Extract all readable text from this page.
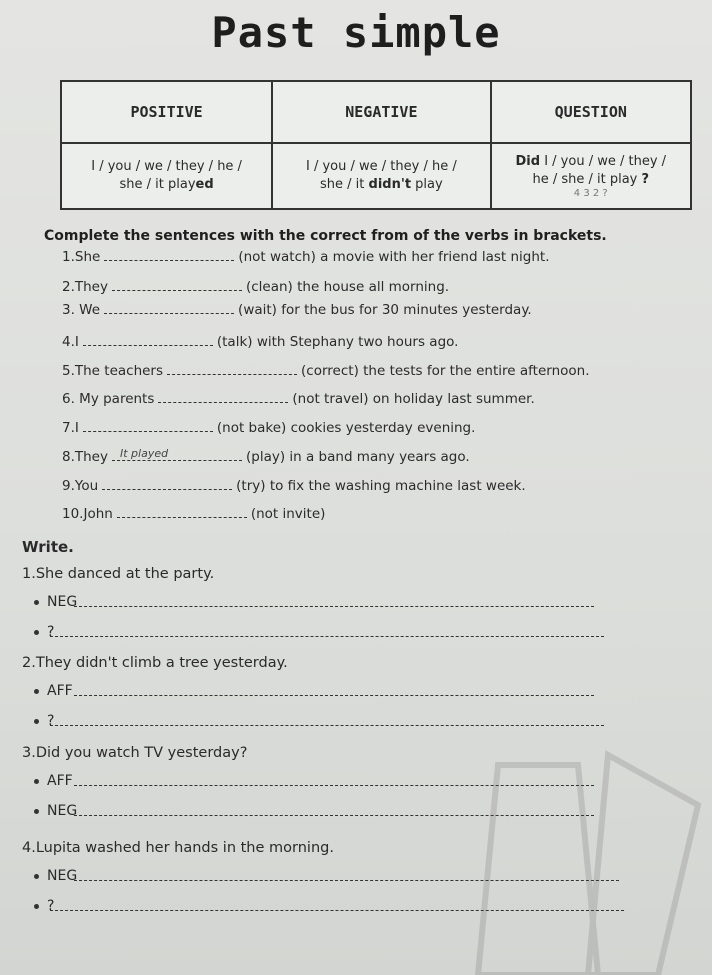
Past simple
POSITIVE	NEGATIVE	QUESTION
I / you / we / they / he /
she / it played	I / you / we / they / he /
she / it didn't play	Did I / you / we / they /
he / she / it play ?
4 3 2 ?
Complete the sentences with the correct from of the verbs in brackets.
1.She	(not watch) a movie with her friend last night.
2.They	(clean) the house all morning.
3. We	(wait) for the bus for 30 minutes yesterday.
4.I	(talk) with Stephany two hours ago.
5.The teachers	(correct) the tests for the entire afternoon.
6. My parents	(not travel) on holiday last summer.
7.I	(not bake) cookies yesterday evening.
8.They It played	(play) in a band many years ago.
9.You	(try) to fix the washing machine last week.
10.John	(not invite)
Write.
1.She danced at the party.
NEG
?
2.They didn't climb a tree yesterday.
AFF
?
3.Did you watch TV yesterday?
AFF
NEG
4.Lupita washed her hands in the morning.
NEG
?
